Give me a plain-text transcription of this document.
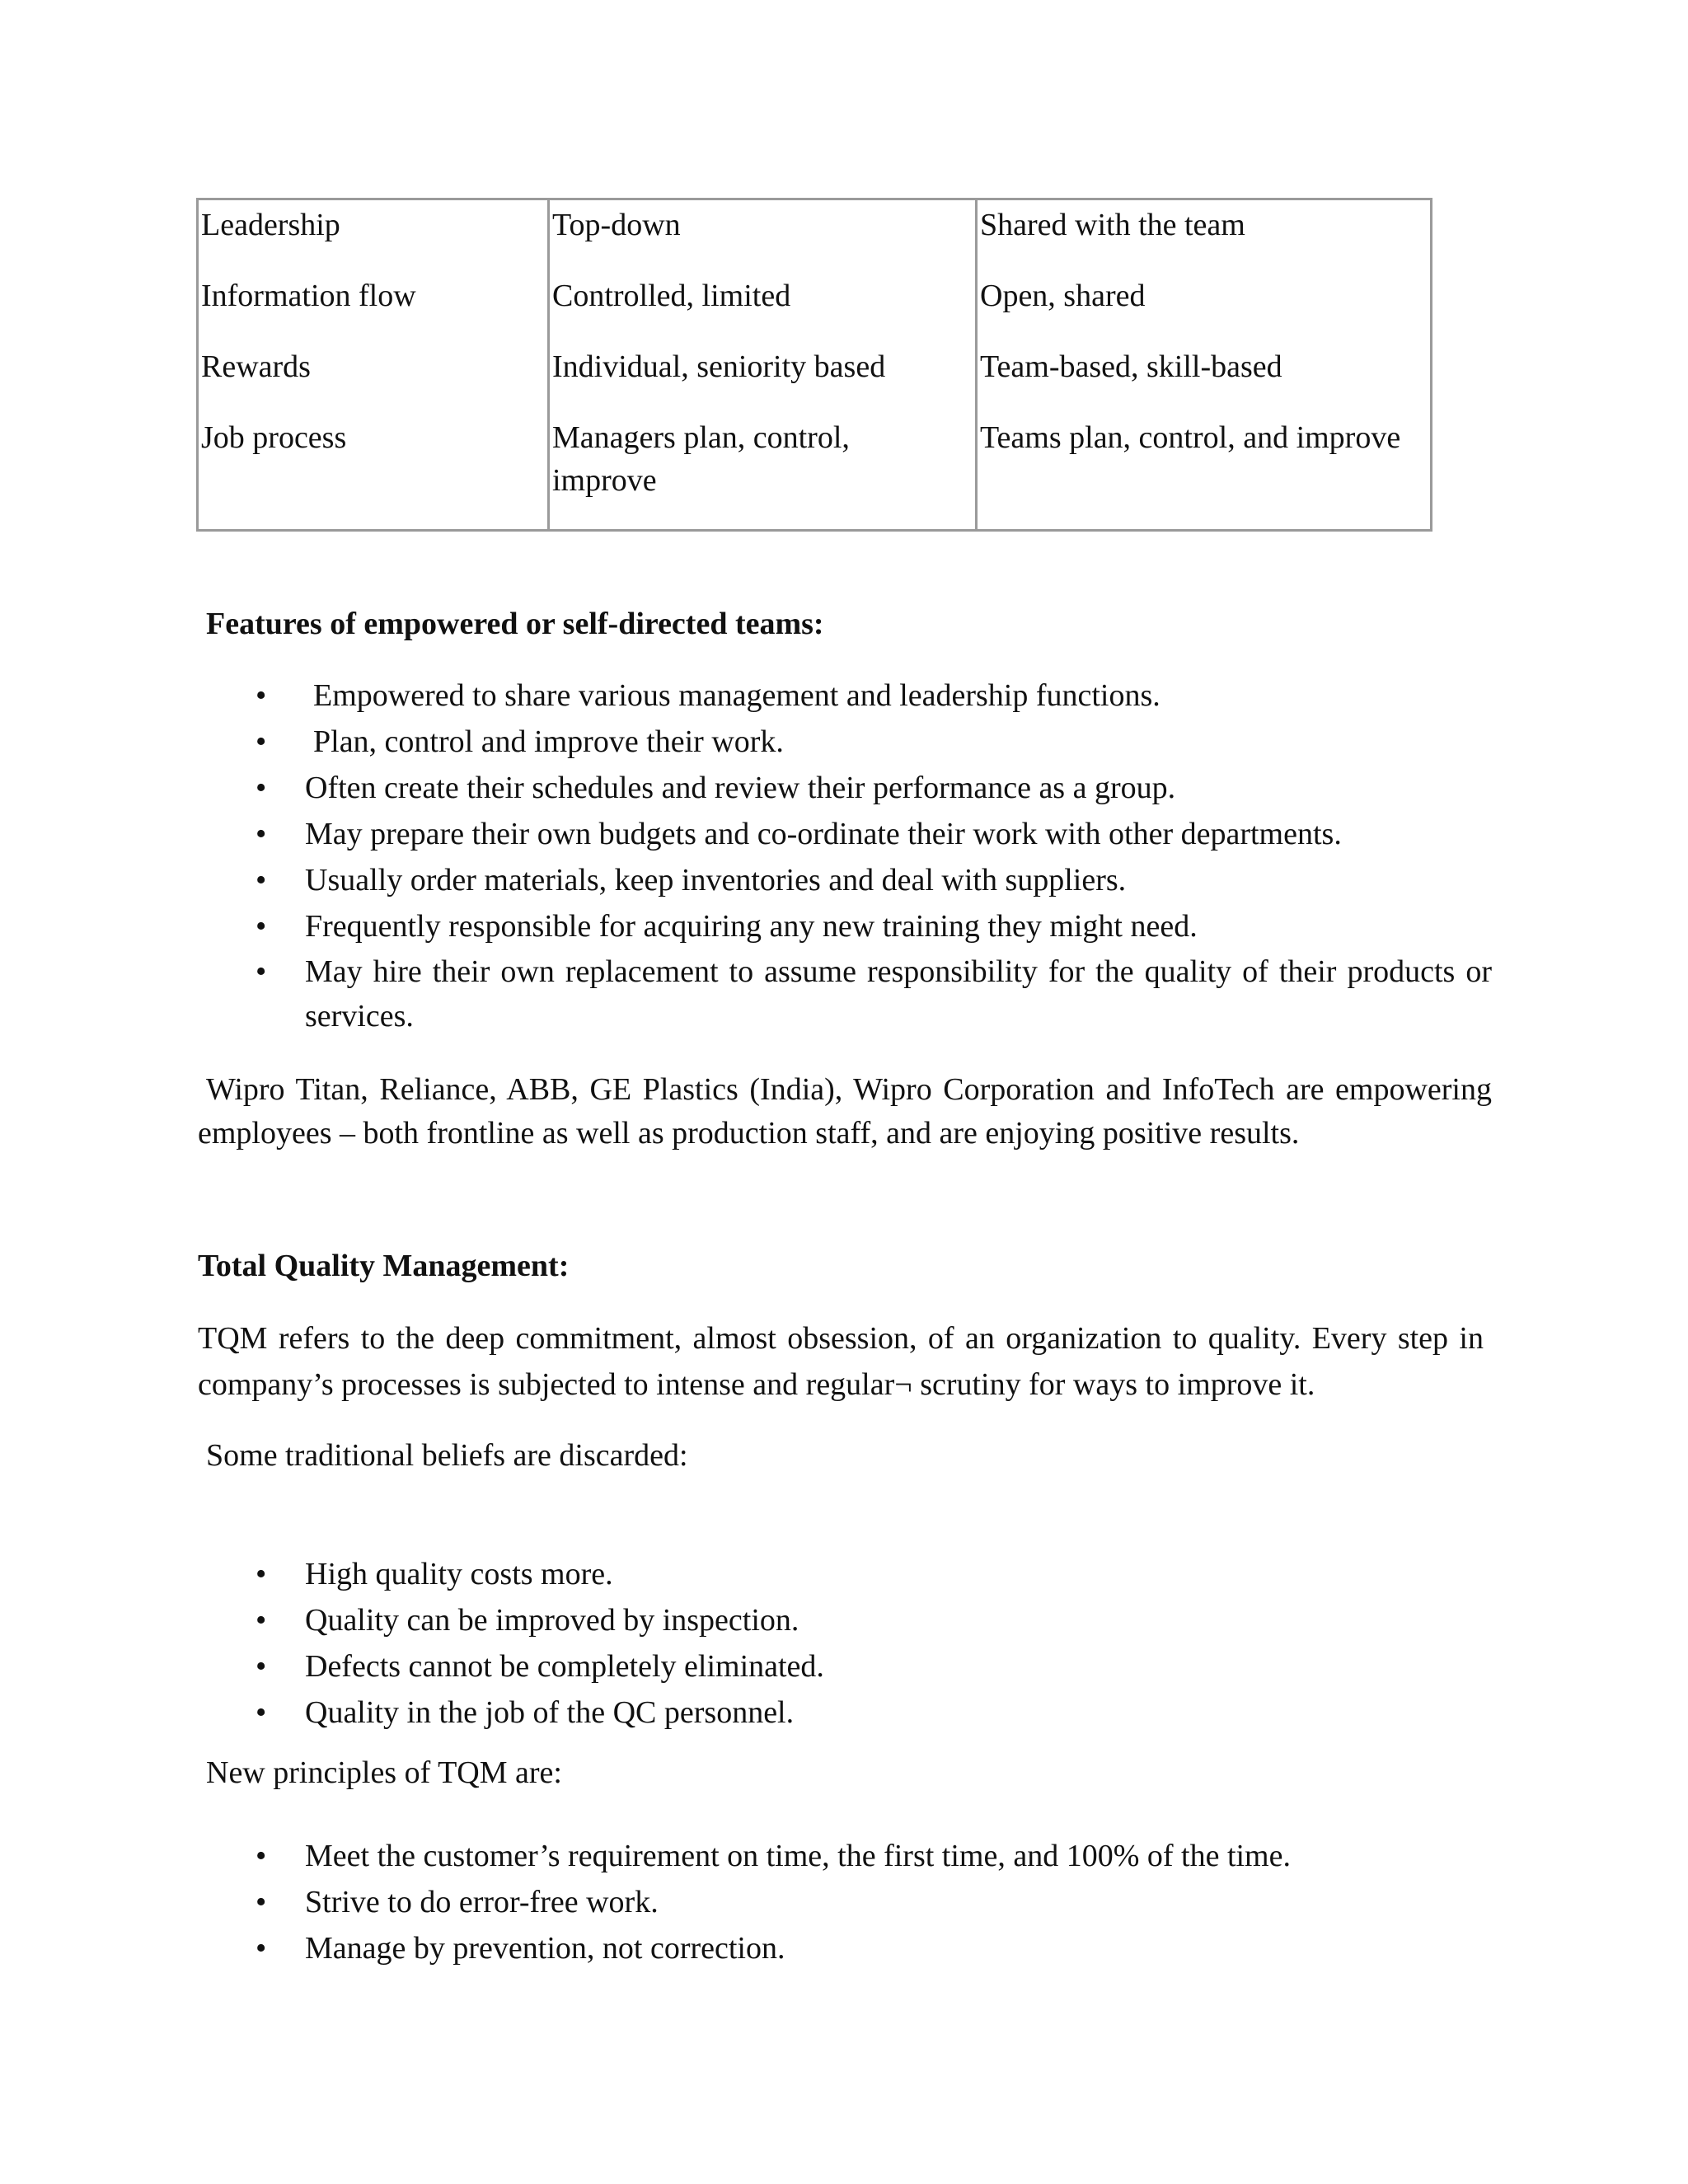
Leadership
Information flow
Rewards
Job process
Top-down
Controlled, limited
Individual, seniority based
Managers plan, control, improve
Shared with the team
Open, shared
Team-based, skill-based
Teams plan, control, and improve
Features of empowered or self-directed teams:
• Empowered to share various management and leadership functions.
• Plan, control and improve their work.
• Often create their schedules and review their performance as a group.
• May prepare their own budgets and co-ordinate their work with other departments.
• Usually order materials, keep inventories and deal with suppliers.
• Frequently responsible for acquiring any new training they might need.
• May hire their own replacement to assume responsibility for the quality of their products or services.
Wipro Titan, Reliance, ABB, GE Plastics (India), Wipro Corporation and InfoTech are empowering employees – both frontline as well as production staff, and are enjoying positive results.
Total Quality Management:
TQM refers to the deep commitment, almost obsession, of an organization to quality. Every step in company’s processes is subjected to intense and regular¬ scrutiny for ways to improve it.
Some traditional beliefs are discarded:
• High quality costs more.
• Quality can be improved by inspection.
• Defects cannot be completely eliminated.
• Quality in the job of the QC personnel.
New principles of TQM are:
• Meet the customer’s requirement on time, the first time, and 100% of the time.
• Strive to do error-free work.
• Manage by prevention, not correction.
